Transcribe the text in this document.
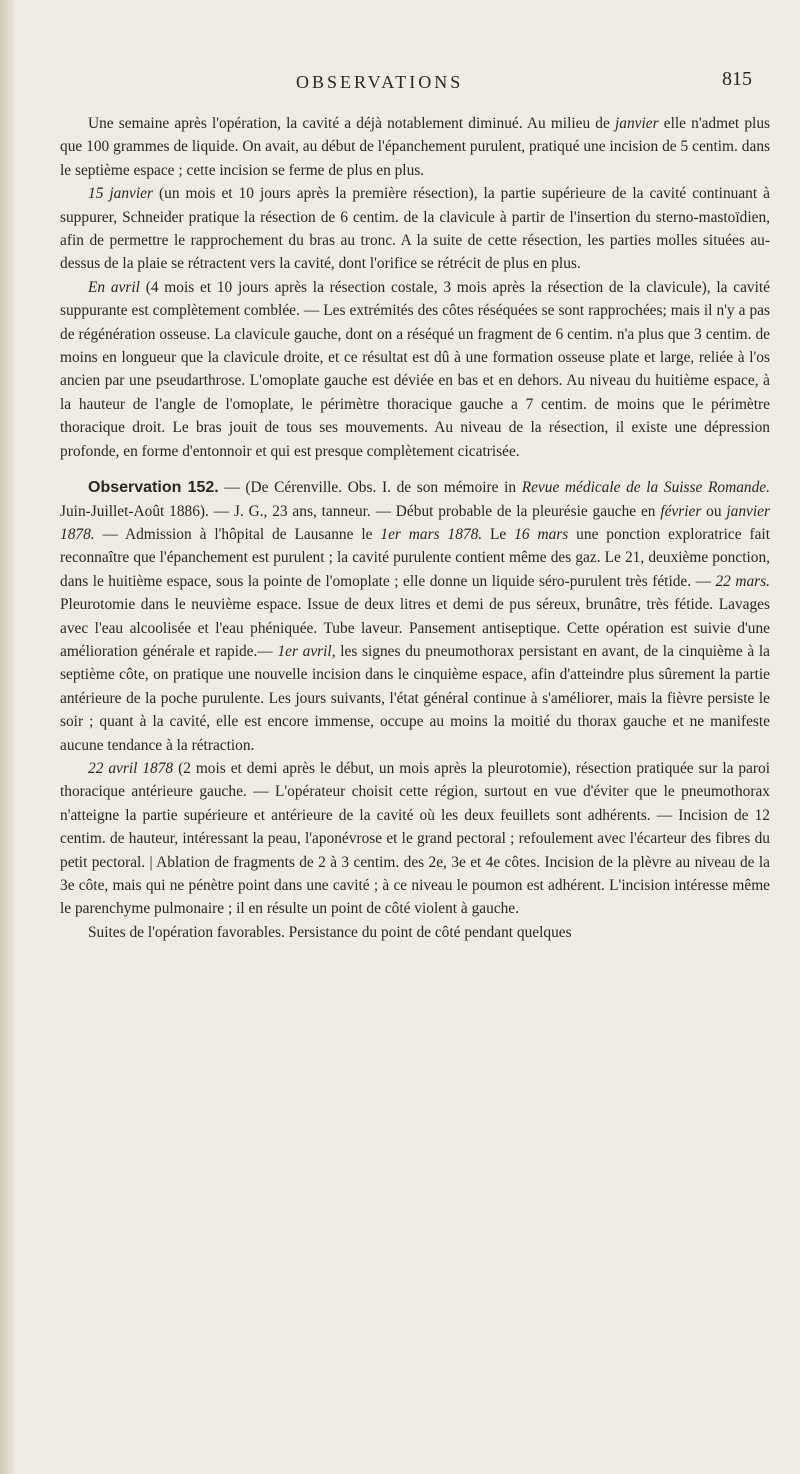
OBSERVATIONS	815

Une semaine après l'opération, la cavité a déjà notablement diminué. Au milieu de janvier elle n'admet plus que 100 grammes de liquide. On avait, au début de l'épanchement purulent, pratiqué une incision de 5 centim. dans le septième espace ; cette incision se ferme de plus en plus.

15 janvier (un mois et 10 jours après la première résection), la partie supérieure de la cavité continuant à suppurer, Schneider pratique la résection de 6 centim. de la clavicule à partir de l'insertion du sterno-mastoïdien, afin de permettre le rapprochement du bras au tronc. A la suite de cette résection, les parties molles situées au-dessus de la plaie se rétractent vers la cavité, dont l'orifice se rétrécit de plus en plus.

En avril (4 mois et 10 jours après la résection costale, 3 mois après la résection de la clavicule), la cavité suppurante est complètement comblée. — Les extrémités des côtes réséquées se sont rapprochées; mais il n'y a pas de régénération osseuse. La clavicule gauche, dont on a réséqué un fragment de 6 centim. n'a plus que 3 centim. de moins en longueur que la clavicule droite, et ce résultat est dû à une formation osseuse plate et large, reliée à l'os ancien par une pseudarthrose. L'omoplate gauche est déviée en bas et en dehors. Au niveau du huitième espace, à la hauteur de l'angle de l'omoplate, le périmètre thoracique gauche a 7 centim. de moins que le périmètre thoracique droit. Le bras jouit de tous ses mouvements. Au niveau de la résection, il existe une dépression profonde, en forme d'entonnoir et qui est presque complètement cicatrisée.

Observation 152. — (De Cérenville. Obs. I. de son mémoire in Revue médicale de la Suisse Romande. Juin-Juillet-Août 1886). — J. G., 23 ans, tanneur. — Début probable de la pleurésie gauche en février ou janvier 1878. — Admission à l'hôpital de Lausanne le 1er mars 1878. Le 16 mars une ponction exploratrice fait reconnaître que l'épanchement est purulent ; la cavité purulente contient même des gaz. Le 21, deuxième ponction, dans le huitième espace, sous la pointe de l'omoplate ; elle donne un liquide séro-purulent très fétide. — 22 mars. Pleurotomie dans le neuvième espace. Issue de deux litres et demi de pus séreux, brunâtre, très fétide. Lavages avec l'eau alcoolisée et l'eau phéniquée. Tube laveur. Pansement antiseptique. Cette opération est suivie d'une amélioration générale et rapide.— 1er avril, les signes du pneumothorax persistant en avant, de la cinquième à la septième côte, on pratique une nouvelle incision dans le cinquième espace, afin d'atteindre plus sûrement la partie antérieure de la poche purulente. Les jours suivants, l'état général continue à s'améliorer, mais la fièvre persiste le soir ; quant à la cavité, elle est encore immense, occupe au moins la moitié du thorax gauche et ne manifeste aucune tendance à la rétraction.

22 avril 1878 (2 mois et demi après le début, un mois après la pleurotomie), résection pratiquée sur la paroi thoracique antérieure gauche. — L'opérateur choisit cette région, surtout en vue d'éviter que le pneumothorax n'atteigne la partie supérieure et antérieure de la cavité où les deux feuillets sont adhérents. — Incision de 12 centim. de hauteur, intéressant la peau, l'aponévrose et le grand pectoral ; refoulement avec l'écarteur des fibres du petit pectoral. | Ablation de fragments de 2 à 3 centim. des 2e, 3e et 4e côtes. Incision de la plèvre au niveau de la 3e côte, mais qui ne pénètre point dans une cavité ; à ce niveau le poumon est adhérent. L'incision intéresse même le parenchyme pulmonaire ; il en résulte un point de côté violent à gauche.

Suites de l'opération favorables. Persistance du point de côté pendant quelques
